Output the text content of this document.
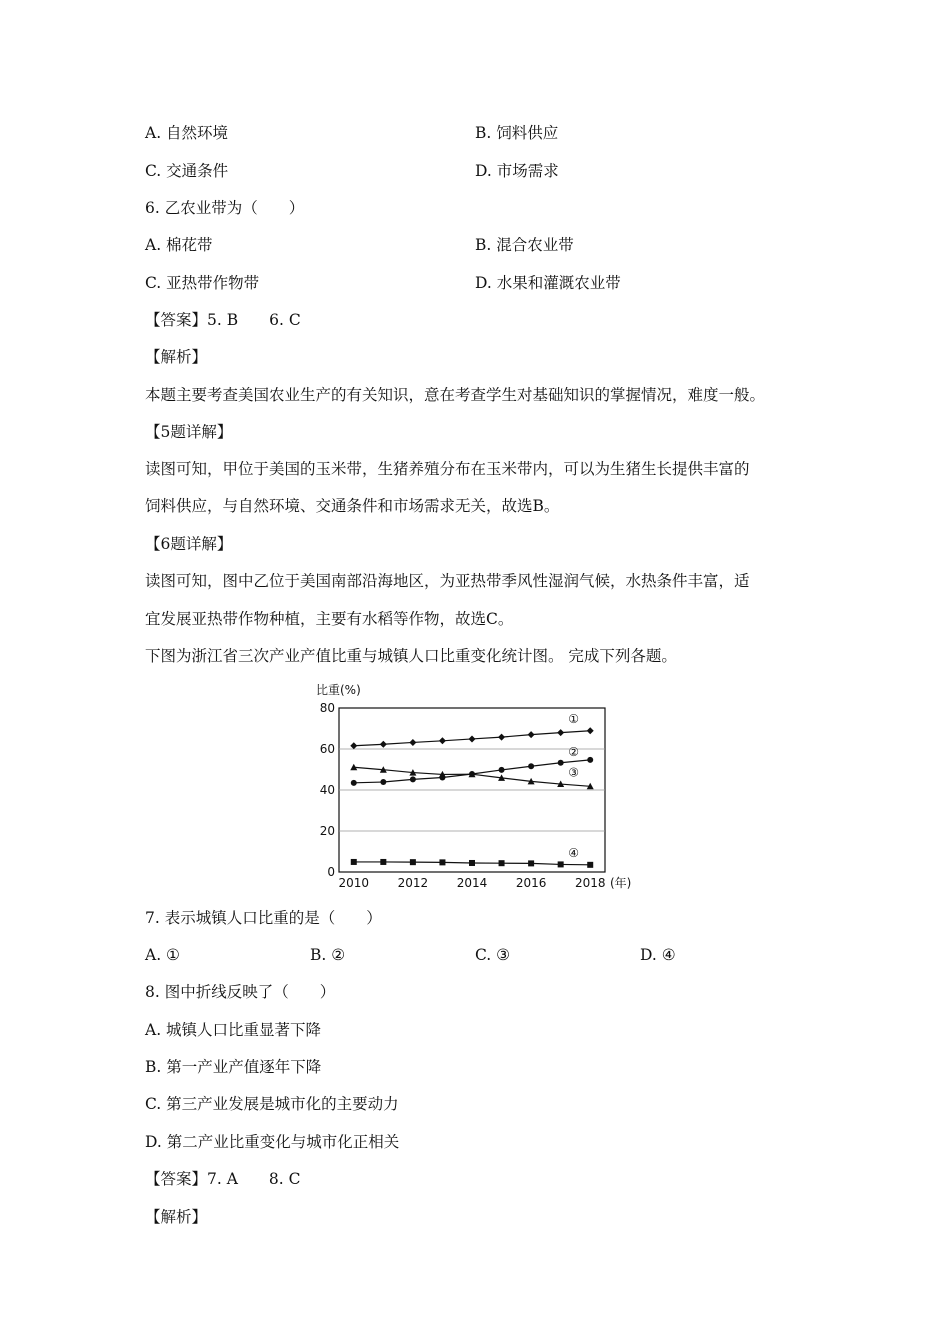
A. 自然环境	B. 饲料供应
C. 交通条件	D. 市场需求
6. 乙农业带为（　　）
A. 棉花带	B. 混合农业带
C. 亚热带作物带	D. 水果和灌溉农业带
【答案】5. B　　6. C
【解析】
本题主要考查美国农业生产的有关知识，意在考查学生对基础知识的掌握情况，难度一般。
【5题详解】
读图可知，甲位于美国的玉米带，生猪养殖分布在玉米带内，可以为生猪生长提供丰富的
饲料供应，与自然环境、交通条件和市场需求无关，故选B。
【6题详解】
读图可知，图中乙位于美国南部沿海地区，为亚热带季风性湿润气候，水热条件丰富，适
宜发展亚热带作物种植，主要有水稻等作物，故选C。
下图为浙江省三次产业产值比重与城镇人口比重变化统计图。 完成下列各题。
比重(%)
0
20
40
60
80
2010 2012 2014 2016 2018
①
②
③
④
(年)
7. 表示城镇人口比重的是（　　）
A. ①	B. ②	C. ③	D. ④
8. 图中折线反映了（　　）
A. 城镇人口比重显著下降
B. 第一产业产值逐年下降
C. 第三产业发展是城市化的主要动力
D. 第二产业比重变化与城市化正相关
【答案】7. A　　8. C
【解析】
